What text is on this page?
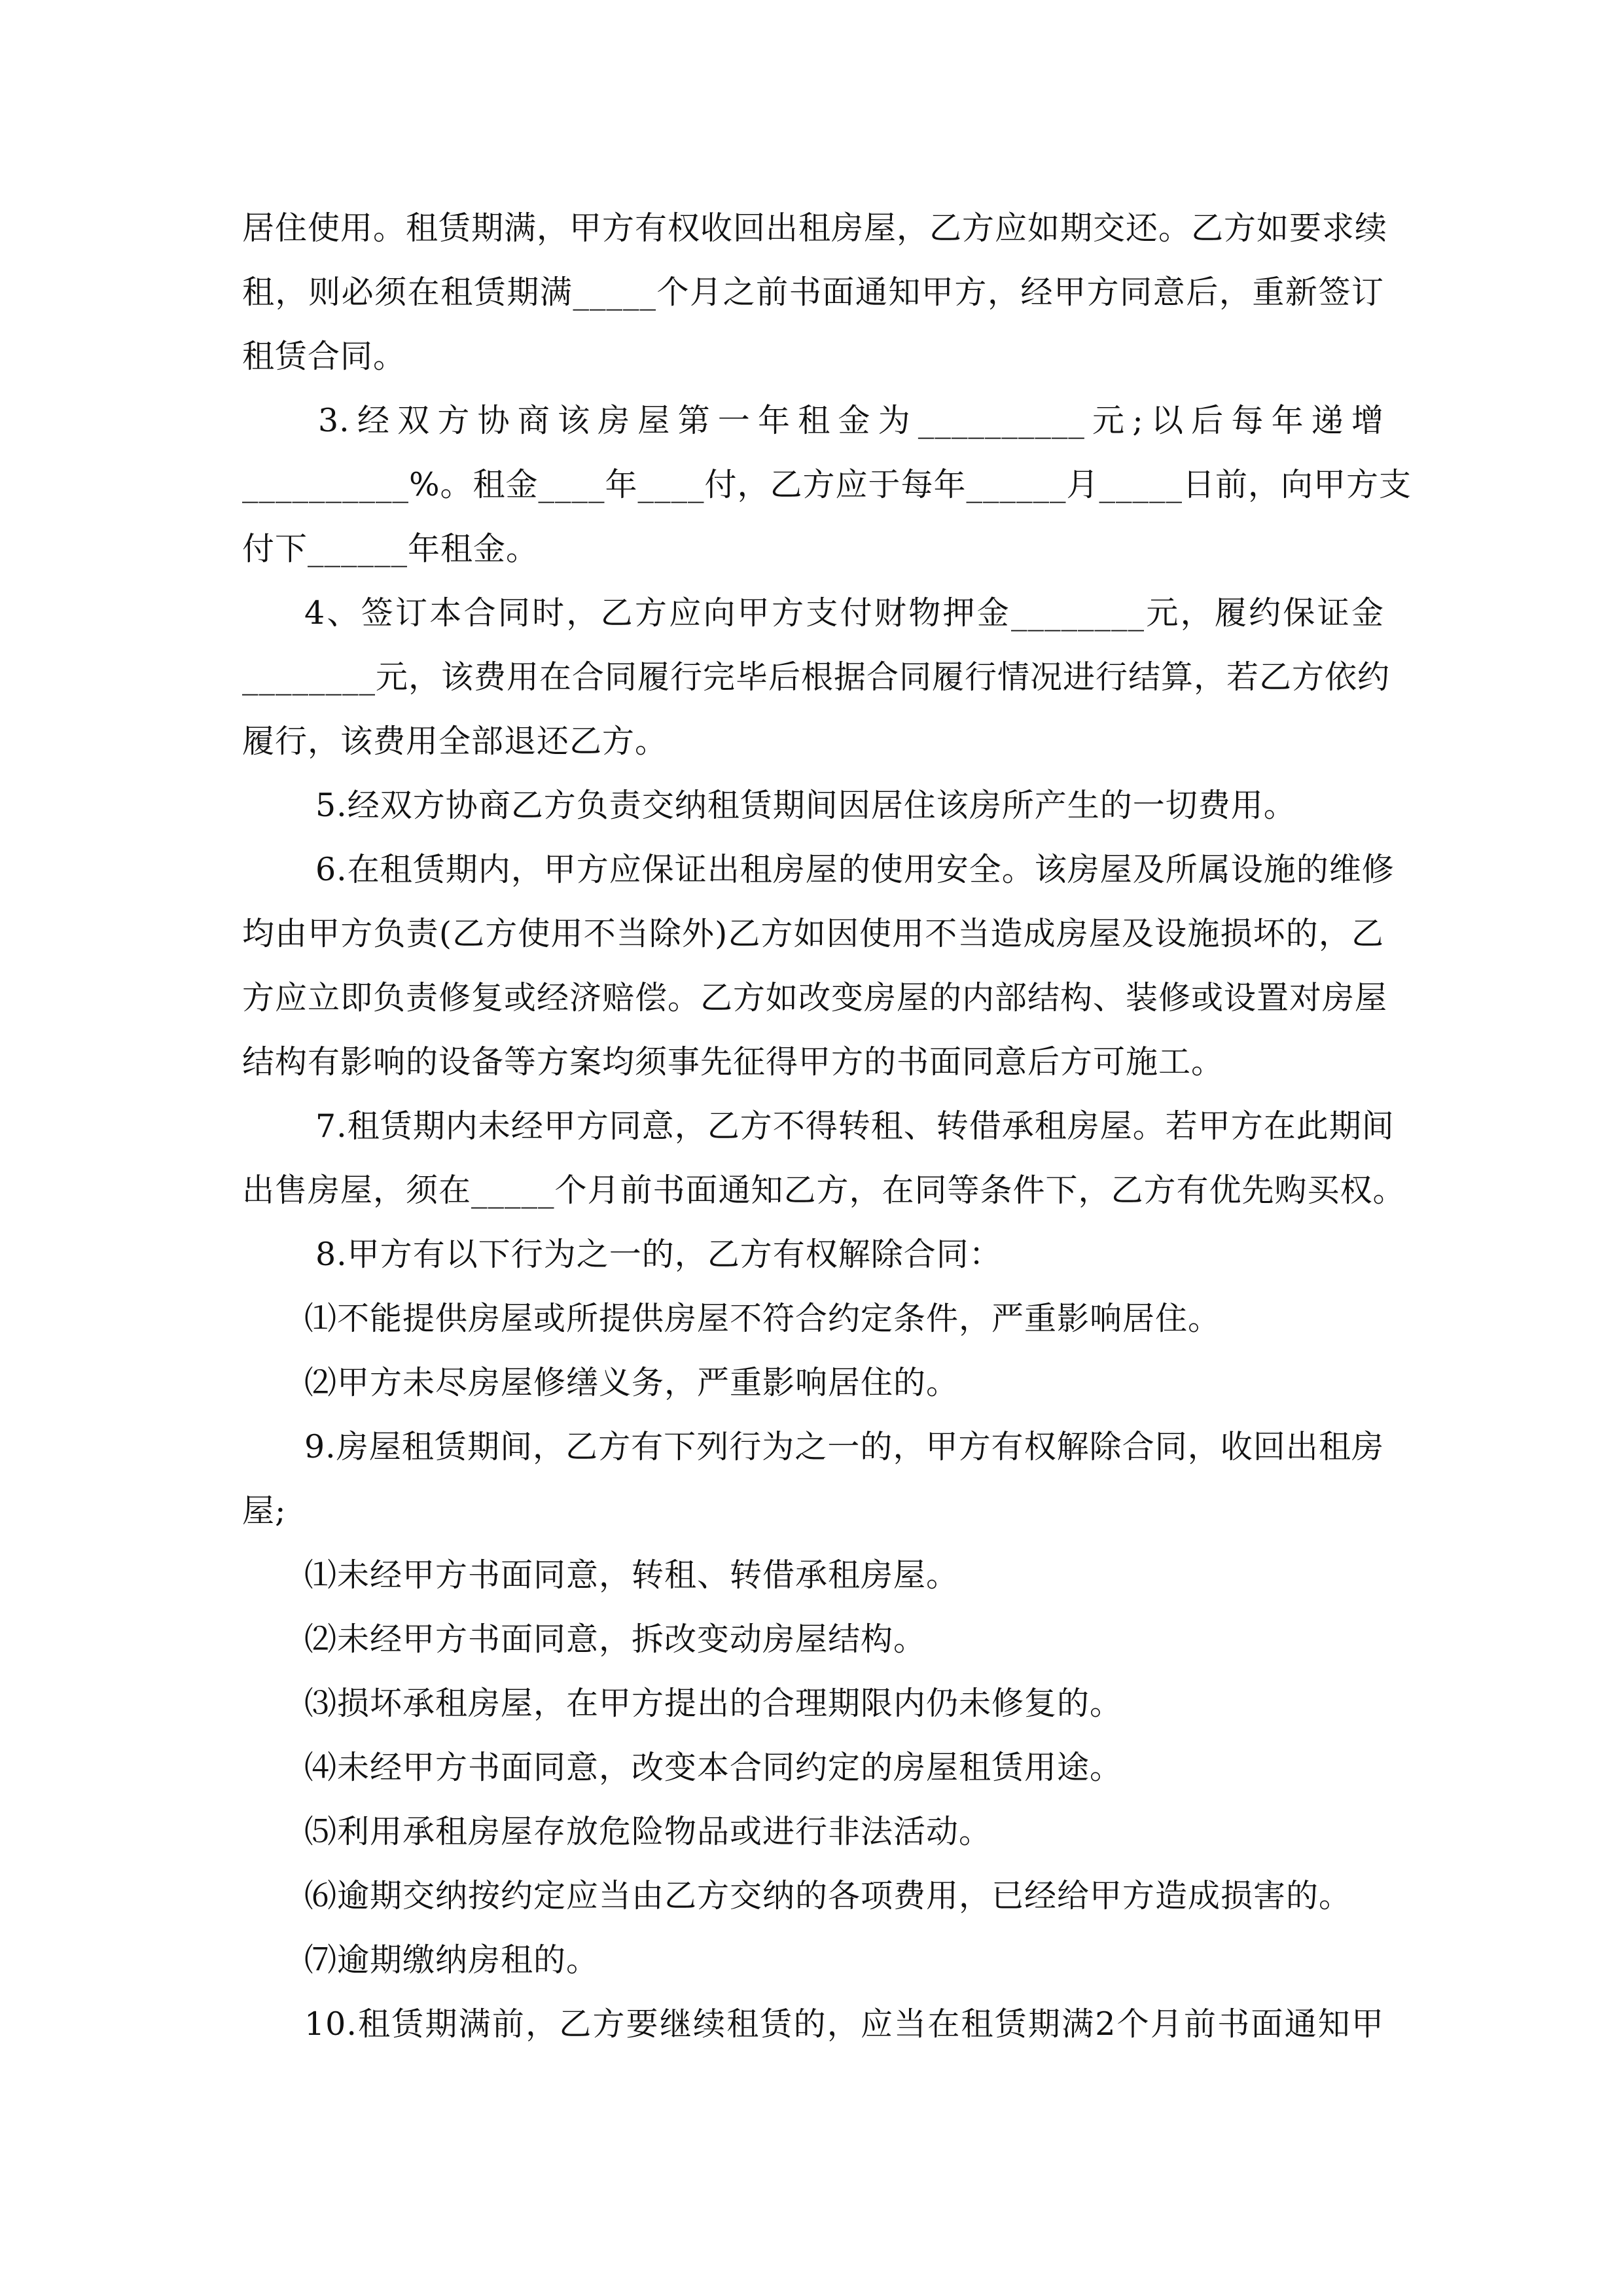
居住使用。租赁期满，甲方有权收回出租房屋，乙方应如期交还。乙方如要求续
租，则必须在租赁期满_____个月之前书面通知甲方，经甲方同意后，重新签订
租赁合同。
3.经双方协商该房屋第一年租金为__________元;以后每年递增
__________%。租金____年____付，乙方应于每年______月_____日前，向甲方支
付下______年租金。
4、签订本合同时，乙方应向甲方支付财物押金________元，履约保证金
________元，该费用在合同履行完毕后根据合同履行情况进行结算，若乙方依约
履行，该费用全部退还乙方。
5.经双方协商乙方负责交纳租赁期间因居住该房所产生的一切费用。
6.在租赁期内，甲方应保证出租房屋的使用安全。该房屋及所属设施的维修
均由甲方负责(乙方使用不当除外)乙方如因使用不当造成房屋及设施损坏的，乙
方应立即负责修复或经济赔偿。乙方如改变房屋的内部结构、装修或设置对房屋
结构有影响的设备等方案均须事先征得甲方的书面同意后方可施工。
7.租赁期内未经甲方同意，乙方不得转租、转借承租房屋。若甲方在此期间
出售房屋，须在_____个月前书面通知乙方，在同等条件下，乙方有优先购买权。
8.甲方有以下行为之一的，乙方有权解除合同：
⑴不能提供房屋或所提供房屋不符合约定条件，严重影响居住。
⑵甲方未尽房屋修缮义务，严重影响居住的。
9.房屋租赁期间，乙方有下列行为之一的，甲方有权解除合同，收回出租房
屋;
⑴未经甲方书面同意，转租、转借承租房屋。
⑵未经甲方书面同意，拆改变动房屋结构。
⑶损坏承租房屋，在甲方提出的合理期限内仍未修复的。
⑷未经甲方书面同意，改变本合同约定的房屋租赁用途。
⑸利用承租房屋存放危险物品或进行非法活动。
⑹逾期交纳按约定应当由乙方交纳的各项费用，已经给甲方造成损害的。
⑺逾期缴纳房租的。
10.租赁期满前，乙方要继续租赁的，应当在租赁期满2个月前书面通知甲
